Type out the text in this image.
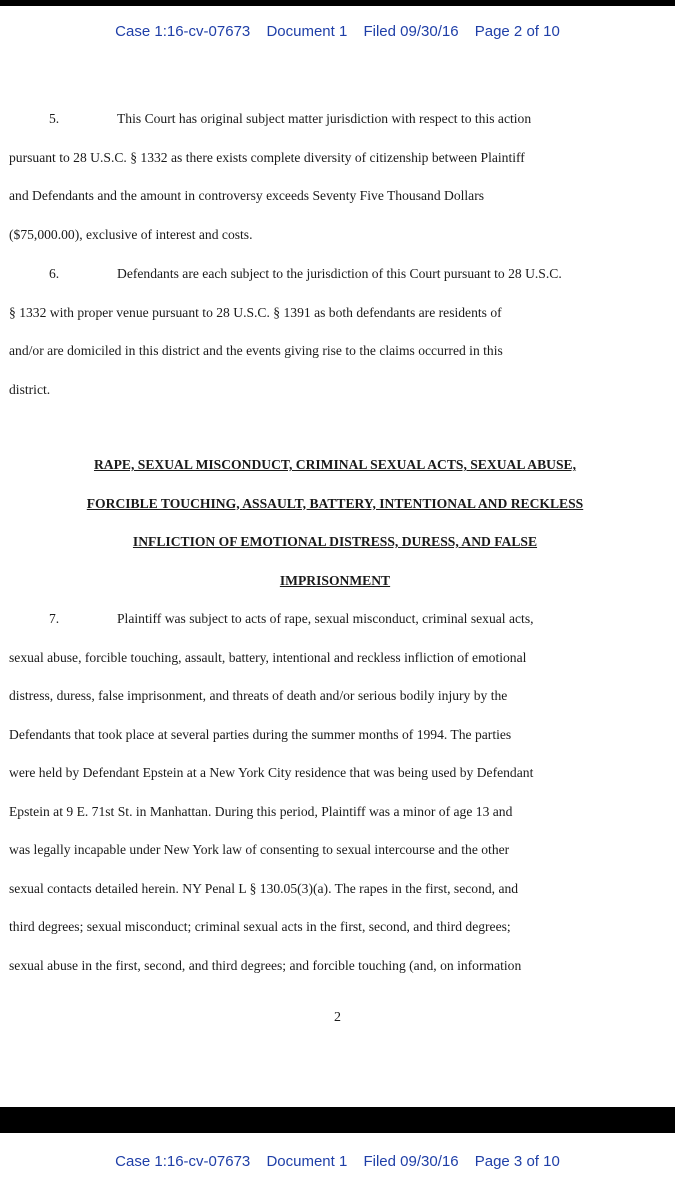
Case 1:16-cv-07673 Document 1 Filed 09/30/16 Page 2 of 10

5.	This Court has original subject matter jurisdiction with respect to this action

pursuant to 28 U.S.C. § 1332 as there exists complete diversity of citizenship between Plaintiff

and Defendants and the amount in controversy exceeds Seventy Five Thousand Dollars

($75,000.00), exclusive of interest and costs.

6.	Defendants are each subject to the jurisdiction of this Court pursuant to 28 U.S.C.

§ 1332 with proper venue pursuant to 28 U.S.C. § 1391 as both defendants are residents of

and/or are domiciled in this district and the events giving rise to the claims occurred in this

district.

RAPE, SEXUAL MISCONDUCT, CRIMINAL SEXUAL ACTS, SEXUAL ABUSE,

FORCIBLE TOUCHING, ASSAULT, BATTERY, INTENTIONAL AND RECKLESS

INFLICTION OF EMOTIONAL DISTRESS, DURESS, AND FALSE

IMPRISONMENT

7.	Plaintiff was subject to acts of rape, sexual misconduct, criminal sexual acts,

sexual abuse, forcible touching, assault, battery, intentional and reckless infliction of emotional

distress, duress, false imprisonment, and threats of death and/or serious bodily injury by the

Defendants that took place at several parties during the summer months of 1994. The parties

were held by Defendant Epstein at a New York City residence that was being used by Defendant

Epstein at 9 E. 71st St. in Manhattan. During this period, Plaintiff was a minor of age 13 and

was legally incapable under New York law of consenting to sexual intercourse and the other

sexual contacts detailed herein. NY Penal L § 130.05(3)(a). The rapes in the first, second, and

third degrees; sexual misconduct; criminal sexual acts in the first, second, and third degrees;

sexual abuse in the first, second, and third degrees; and forcible touching (and, on information

2
Case 1:16-cv-07673 Document 1 Filed 09/30/16 Page 3 of 10
